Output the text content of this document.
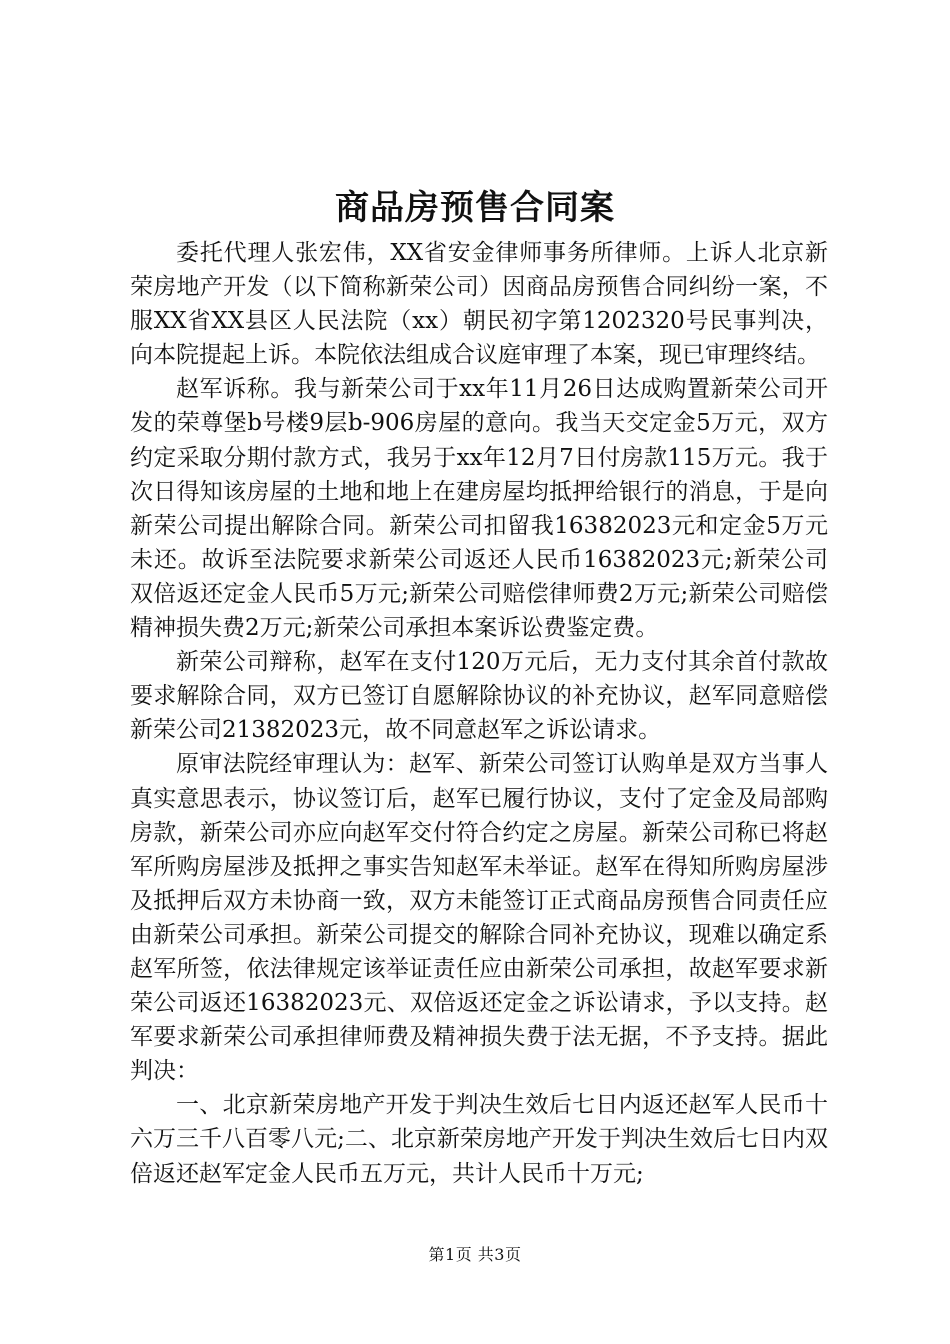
商品房预售合同案

委托代理人张宏伟，XX省安金律师事务所律师。上诉人北京新荣房地产开发（以下简称新荣公司）因商品房预售合同纠纷一案，不服XX省XX县区人民法院（xx）朝民初字第1202320号民事判决，向本院提起上诉。本院依法组成合议庭审理了本案，现已审理终结。

赵军诉称。我与新荣公司于xx年11月26日达成购置新荣公司开发的荣尊堡b号楼9层b-906房屋的意向。我当天交定金5万元，双方约定采取分期付款方式，我另于xx年12月7日付房款115万元。我于次日得知该房屋的土地和地上在建房屋均抵押给银行的消息，于是向新荣公司提出解除合同。新荣公司扣留我16382023元和定金5万元未还。故诉至法院要求新荣公司返还人民币16382023元;新荣公司双倍返还定金人民币5万元;新荣公司赔偿律师费2万元;新荣公司赔偿精神损失费2万元;新荣公司承担本案诉讼费鉴定费。

新荣公司辩称，赵军在支付120万元后，无力支付其余首付款故要求解除合同，双方已签订自愿解除协议的补充协议，赵军同意赔偿新荣公司21382023元，故不同意赵军之诉讼请求。

原审法院经审理认为：赵军、新荣公司签订认购单是双方当事人真实意思表示，协议签订后，赵军已履行协议，支付了定金及局部购房款，新荣公司亦应向赵军交付符合约定之房屋。新荣公司称已将赵军所购房屋涉及抵押之事实告知赵军未举证。赵军在得知所购房屋涉及抵押后双方未协商一致，双方未能签订正式商品房预售合同责任应由新荣公司承担。新荣公司提交的解除合同补充协议，现难以确定系赵军所签，依法律规定该举证责任应由新荣公司承担，故赵军要求新荣公司返还16382023元、双倍返还定金之诉讼请求，予以支持。赵军要求新荣公司承担律师费及精神损失费于法无据，不予支持。据此判决：

一、北京新荣房地产开发于判决生效后七日内返还赵军人民币十六万三千八百零八元;二、北京新荣房地产开发于判决生效后七日内双倍返还赵军定金人民币五万元，共计人民币十万元;

第1页 共3页
